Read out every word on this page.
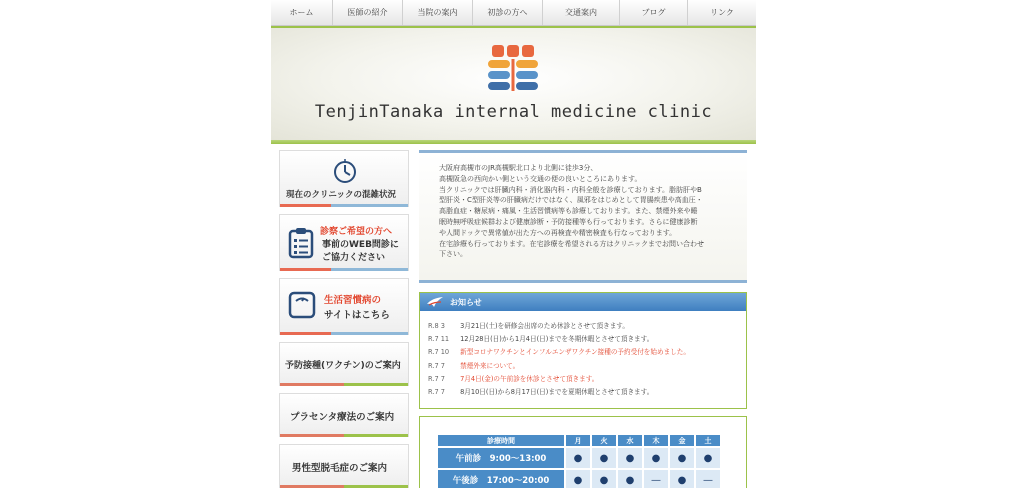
ホーム	医師の紹介	当院の案内	初診の方へ	交通案内	ブログ	リンク
TenjinTanaka internal medicine clinic
現在のクリニックの混雑状況
診察ご希望の方へ
事前のWEB問診に
ご協力ください
生活習慣病の
サイトはこちら
予防接種(ワクチン)のご案内
プラセンタ療法のご案内
男性型脱毛症のご案内
大阪府高槻市のJR高槻駅北口より北側に徒歩3分、
高槻阪急の西向かい側という交通の便の良いところにあります。
当クリニックでは肝臓内科・消化器内科・内科全般を診療しております。脂肪肝やB
型肝炎・C型肝炎等の肝臓病だけではなく、風邪をはじめとして胃腸疾患や高血圧・
高脂血症・糖尿病・痛風・生活習慣病等も診療しております。また、禁煙外来や睡
眠時無呼吸症候群および健康診断・予防接種等も行っております。さらに健康診断
や人間ドックで異常値が出た方への再検査や精密検査も行なっております。
在宅診療も行っております。在宅診療を希望される方はクリニックまでお問い合わせ
下さい。
お知らせ
R.8 3 3月21日(土)を研修会出席のため休診とさせて頂きます。
R.7 11 12月28日(日)から1月4日(日)までを冬期休暇とさせて頂きます。
R.7 10 新型コロナワクチンとインフルエンザワクチン接種の予約受付を始めました。
R.7 7 禁煙外来について。
R.7 7 7月4日(金)の午前診を休診とさせて頂きます。
R.7 7 8月10日(日)から8月17日(日)までを夏期休暇とさせて頂きます。
診療時間	月	火	水	木	金	土
午前診　9:00〜13:00	●	●	●	●	●	●
午後診　17:00〜20:00	●	●	●	—	●	—
